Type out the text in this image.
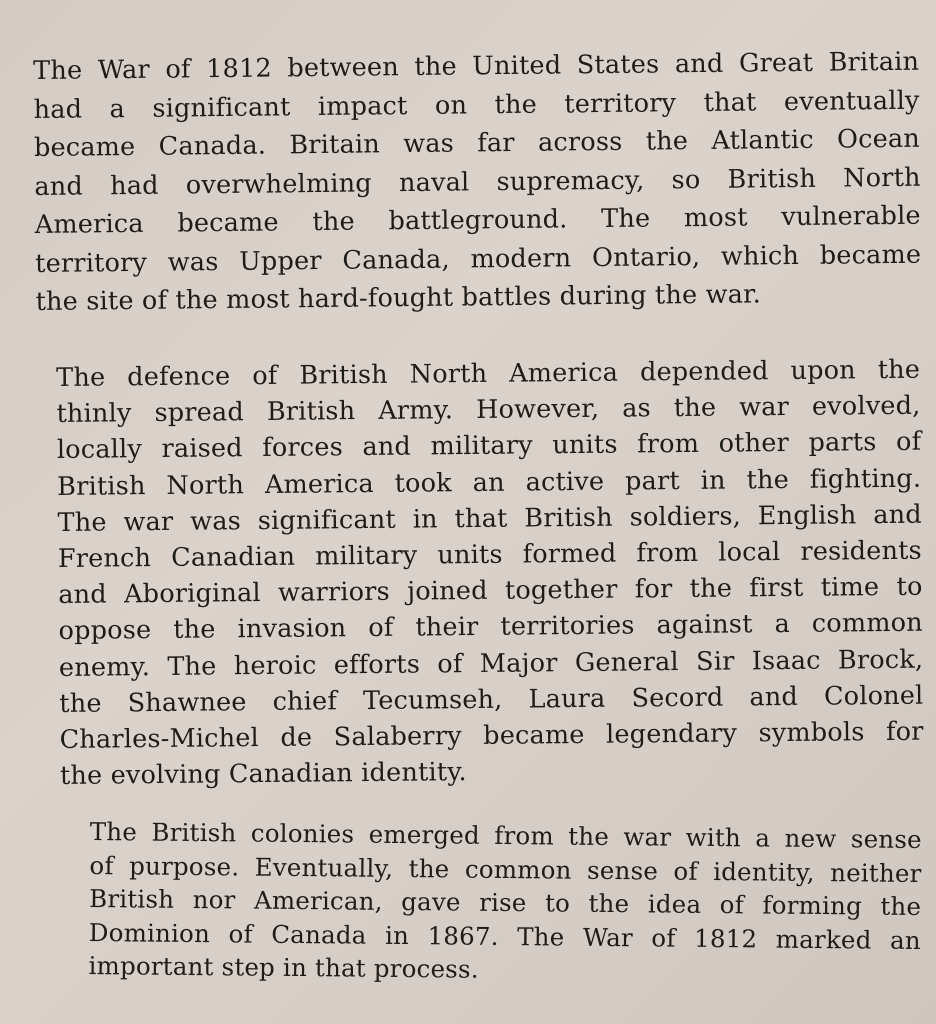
The War of 1812 between the United States and Great Britain
had a significant impact on the territory that eventually
became Canada. Britain was far across the Atlantic Ocean
and had overwhelming naval supremacy, so British North
America became the battleground. The most vulnerable
territory was Upper Canada, modern Ontario, which became
the site of the most hard-fought battles during the war.
The defence of British North America depended upon the
thinly spread British Army. However, as the war evolved,
locally raised forces and military units from other parts of
British North America took an active part in the fighting.
The war was significant in that British soldiers, English and
French Canadian military units formed from local residents
and Aboriginal warriors joined together for the first time to
oppose the invasion of their territories against a common
enemy. The heroic efforts of Major General Sir Isaac Brock,
the Shawnee chief Tecumseh, Laura Secord and Colonel
Charles-Michel de Salaberry became legendary symbols for
the evolving Canadian identity.
The British colonies emerged from the war with a new sense
of purpose. Eventually, the common sense of identity, neither
British nor American, gave rise to the idea of forming the
Dominion of Canada in 1867. The War of 1812 marked an
important step in that process.
